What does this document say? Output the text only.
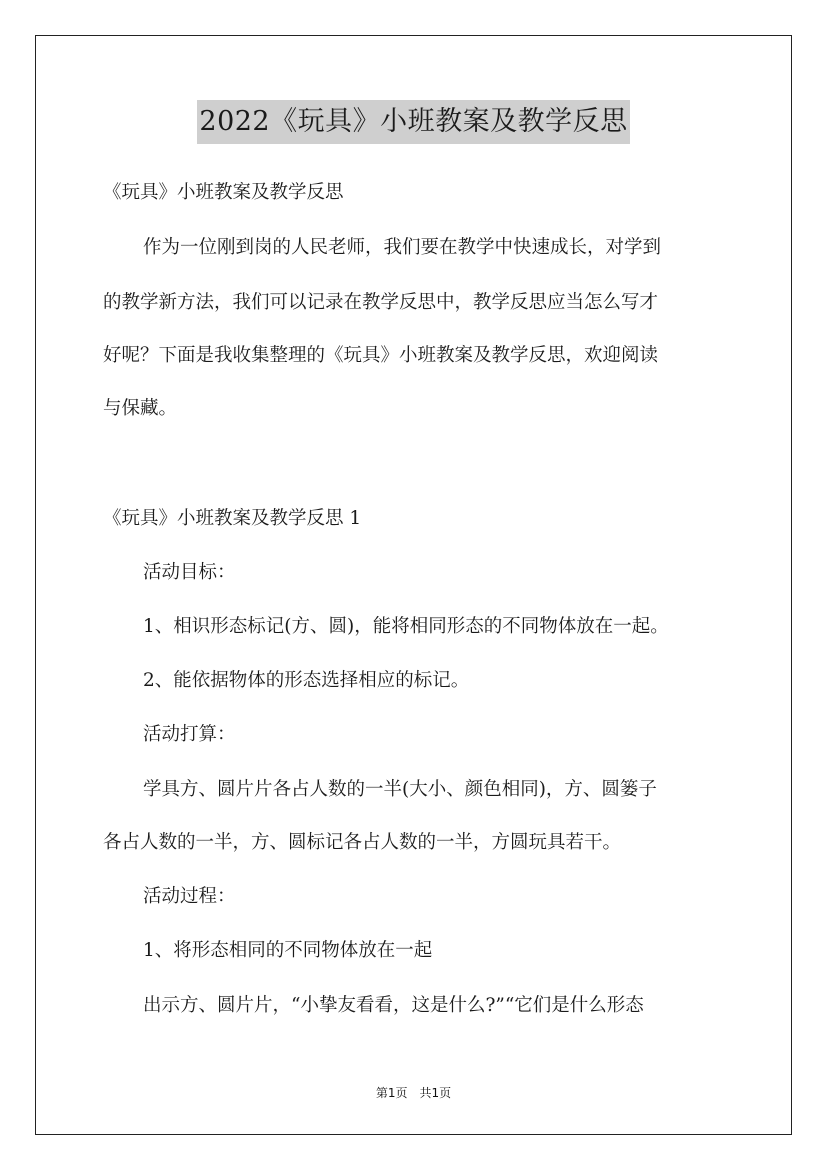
2022《玩具》小班教案及教学反思
《玩具》小班教案及教学反思
作为一位刚到岗的人民老师，我们要在教学中快速成长，对学到
的教学新方法，我们可以记录在教学反思中，教学反思应当怎么写才
好呢？下面是我收集整理的《玩具》小班教案及教学反思，欢迎阅读
与保藏。
《玩具》小班教案及教学反思 1
活动目标：
1、相识形态标记(方、圆)，能将相同形态的不同物体放在一起。
2、能依据物体的形态选择相应的标记。
活动打算：
学具方、圆片片各占人数的一半(大小、颜色相同)，方、圆篓子
各占人数的一半，方、圆标记各占人数的一半，方圆玩具若干。
活动过程：
1、将形态相同的不同物体放在一起
出示方、圆片片，“小挚友看看，这是什么?”“它们是什么形态
第1页　共1页
